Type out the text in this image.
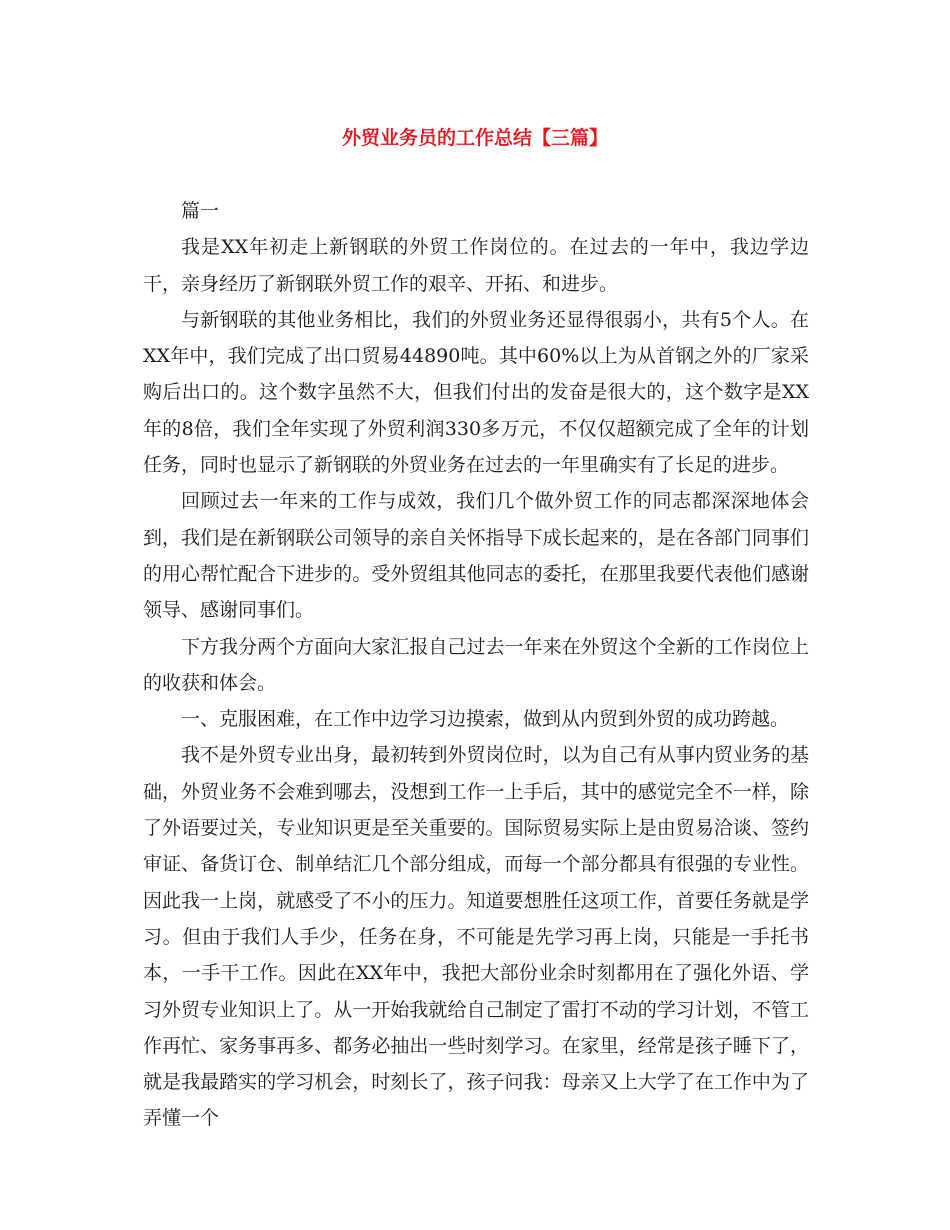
外贸业务员的工作总结【三篇】

篇一

我是XX年初走上新钢联的外贸工作岗位的。在过去的一年中，我边学边干，亲身经历了新钢联外贸工作的艰辛、开拓、和进步。

与新钢联的其他业务相比，我们的外贸业务还显得很弱小，共有5个人。在XX年中，我们完成了出口贸易44890吨。其中60%以上为从首钢之外的厂家采购后出口的。这个数字虽然不大，但我们付出的发奋是很大的，这个数字是XX年的8倍，我们全年实现了外贸利润330多万元，不仅仅超额完成了全年的计划任务，同时也显示了新钢联的外贸业务在过去的一年里确实有了长足的进步。

回顾过去一年来的工作与成效，我们几个做外贸工作的同志都深深地体会到，我们是在新钢联公司领导的亲自关怀指导下成长起来的，是在各部门同事们的用心帮忙配合下进步的。受外贸组其他同志的委托，在那里我要代表他们感谢领导、感谢同事们。

下方我分两个方面向大家汇报自己过去一年来在外贸这个全新的工作岗位上的收获和体会。

一、克服困难，在工作中边学习边摸索，做到从内贸到外贸的成功跨越。

我不是外贸专业出身，最初转到外贸岗位时，以为自己有从事内贸业务的基础，外贸业务不会难到哪去，没想到工作一上手后，其中的感觉完全不一样，除了外语要过关，专业知识更是至关重要的。国际贸易实际上是由贸易洽谈、签约审证、备货订仓、制单结汇几个部分组成，而每一个部分都具有很强的专业性。因此我一上岗，就感受了不小的压力。知道要想胜任这项工作，首要任务就是学习。但由于我们人手少，任务在身，不可能是先学习再上岗，只能是一手托书本，一手干工作。因此在XX年中，我把大部份业余时刻都用在了强化外语、学习外贸专业知识上了。从一开始我就给自己制定了雷打不动的学习计划，不管工作再忙、家务事再多、都务必抽出一些时刻学习。在家里，经常是孩子睡下了，就是我最踏实的学习机会，时刻长了，孩子问我：母亲又上大学了在工作中为了弄懂一个
